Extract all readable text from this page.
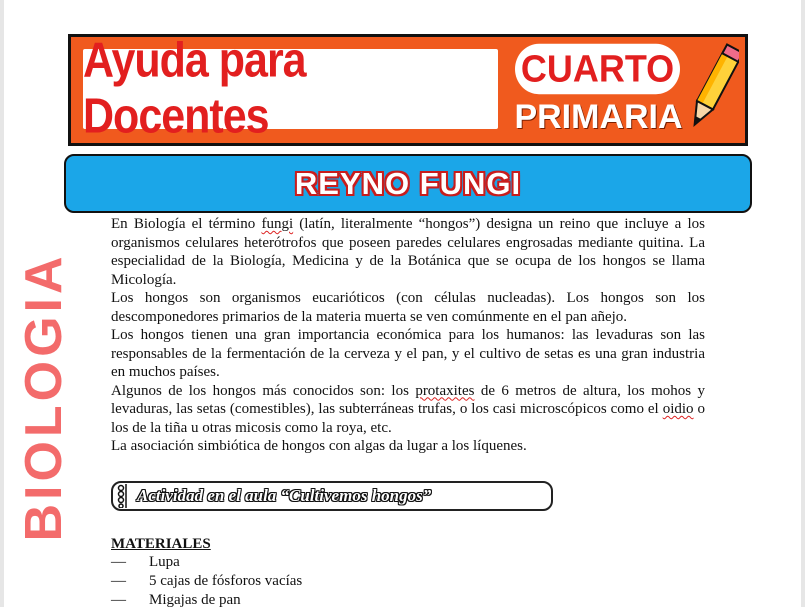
Ayuda para Docentes
CUARTO
PRIMARIA
REYNO FUNGI
BIOLOGIA

En Biología el término fungi (latín, literalmente “hongos”) designa un reino que incluye a los organismos celulares heterótrofos que poseen paredes celulares engrosadas mediante quitina. La especialidad de la Biología, Medicina y de la Botánica que se ocupa de los hongos se llama Micología.

Los hongos son organismos eucarióticos (con células nucleadas). Los hongos son los descomponedores primarios de la materia muerta se ven comúnmente en el pan añejo.

Los hongos tienen una gran importancia económica para los humanos: las levaduras son las responsables de la fermentación de la cerveza y el pan, y el cultivo de setas es una gran industria en muchos países.

Algunos de los hongos más conocidos son: los protaxites de 6 metros de altura, los mohos y levaduras, las setas (comestibles), las subterráneas trufas, o los casi microscópicos como el oidio o los de la tiña u otras micosis como la roya, etc.

La asociación simbiótica de hongos con algas da lugar a los líquenes.

Actividad en el aula “Cultivemos hongos”
MATERIALES
—	Lupa
—	5 cajas de fósforos vacías
—	Migajas de pan
